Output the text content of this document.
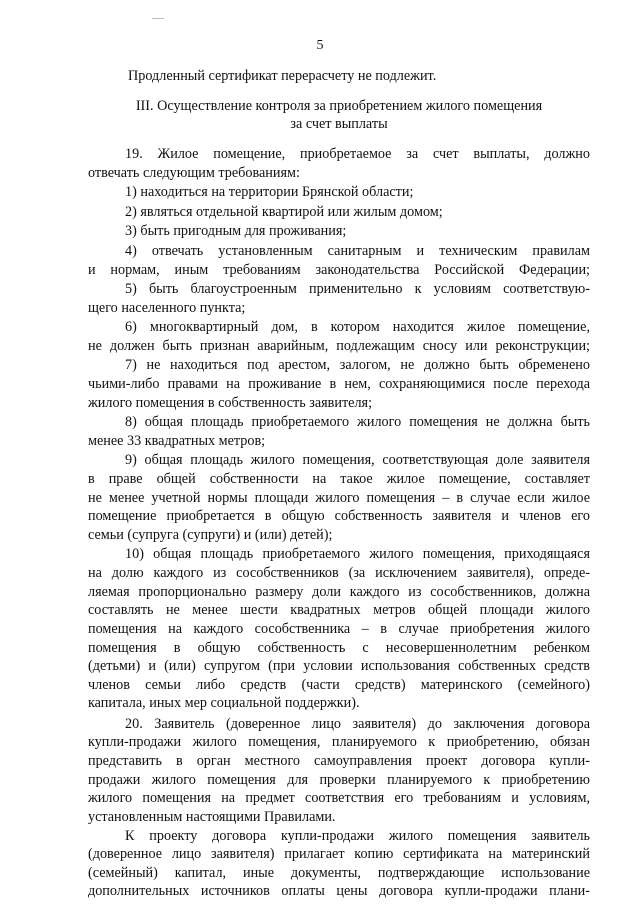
5
Продленный сертификат перерасчету не подлежит.
III. Осуществление контроля за приобретением жилого помещения
за счет выплаты
19. Жилое помещение, приобретаемое за счет выплаты, должно
отвечать следующим требованиям:
1) находиться на территории Брянской области;
2) являться отдельной квартирой или жилым домом;
3) быть пригодным для проживания;
4) отвечать установленным санитарным и техническим правилам
и нормам, иным требованиям законодательства Российской Федерации;
5) быть благоустроенным применительно к условиям соответствую-
щего населенного пункта;
6) многоквартирный дом, в котором находится жилое помещение,
не должен быть признан аварийным, подлежащим сносу или реконструкции;
7) не находиться под арестом, залогом, не должно быть обременено
чьими-либо правами на проживание в нем, сохраняющимися после перехода
жилого помещения в собственность заявителя;
8) общая площадь приобретаемого жилого помещения не должна быть
менее 33 квадратных метров;
9) общая площадь жилого помещения, соответствующая доле заявителя
в праве общей собственности на такое жилое помещение, составляет
не менее учетной нормы площади жилого помещения – в случае если жилое
помещение приобретается в общую собственность заявителя и членов его
семьи (супруга (супруги) и (или) детей);
10) общая площадь приобретаемого жилого помещения, приходящаяся
на долю каждого из сособственников (за исключением заявителя), опреде-
ляемая пропорционально размеру доли каждого из сособственников, должна
составлять не менее шести квадратных метров общей площади жилого
помещения на каждого сособственника – в случае приобретения жилого
помещения в общую собственность с несовершеннолетним ребенком
(детьми) и (или) супругом (при условии использования собственных средств
членов семьи либо средств (части средств) материнского (семейного)
капитала, иных мер социальной поддержки).
20. Заявитель (доверенное лицо заявителя) до заключения договора
купли-продажи жилого помещения, планируемого к приобретению, обязан
представить в орган местного самоуправления проект договора купли-
продажи жилого помещения для проверки планируемого к приобретению
жилого помещения на предмет соответствия его требованиям и условиям,
установленным настоящими Правилами.
К проекту договора купли-продажи жилого помещения заявитель
(доверенное лицо заявителя) прилагает копию сертификата на материнский
(семейный) капитал, иные документы, подтверждающие использование
дополнительных источников оплаты цены договора купли-продажи плани-
